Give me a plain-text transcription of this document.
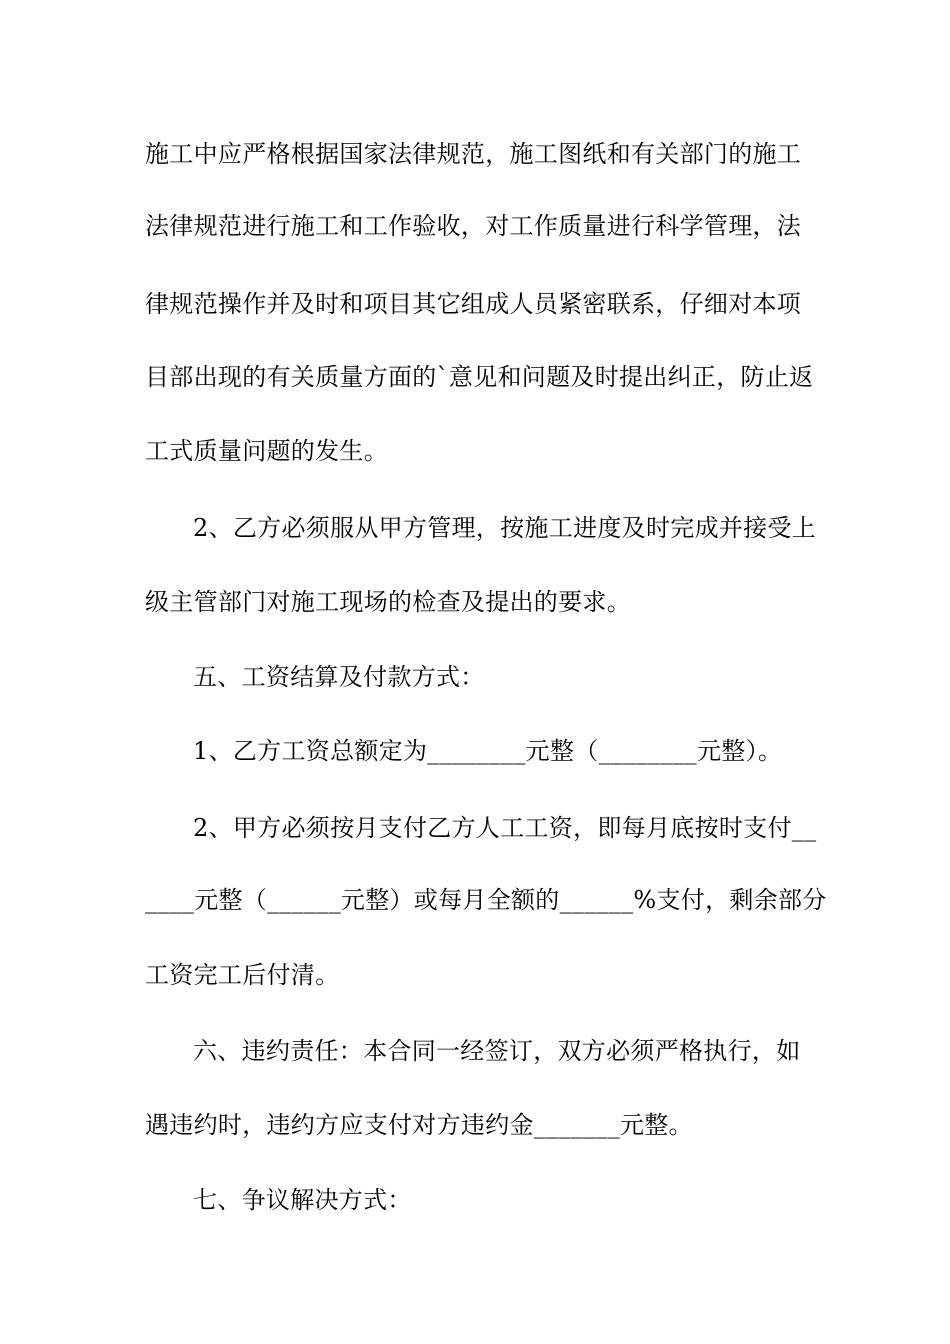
施工中应严格根据国家法律规范，施工图纸和有关部门的施工
法律规范进行施工和工作验收，对工作质量进行科学管理，法
律规范操作并及时和项目其它组成人员紧密联系，仔细对本项
目部出现的有关质量方面的`意见和问题及时提出纠正，防止返
工式质量问题的发生。
2、乙方必须服从甲方管理，按施工进度及时完成并接受上
级主管部门对施工现场的检查及提出的要求。
五、工资结算及付款方式：
1、乙方工资总额定为________元整（________元整）。
2、甲方必须按月支付乙方人工工资，即每月底按时支付__
____元整（______元整）或每月全额的______%支付，剩余部分
工资完工后付清。
六、违约责任：本合同一经签订，双方必须严格执行，如
遇违约时，违约方应支付对方违约金_______元整。
七、争议解决方式：
